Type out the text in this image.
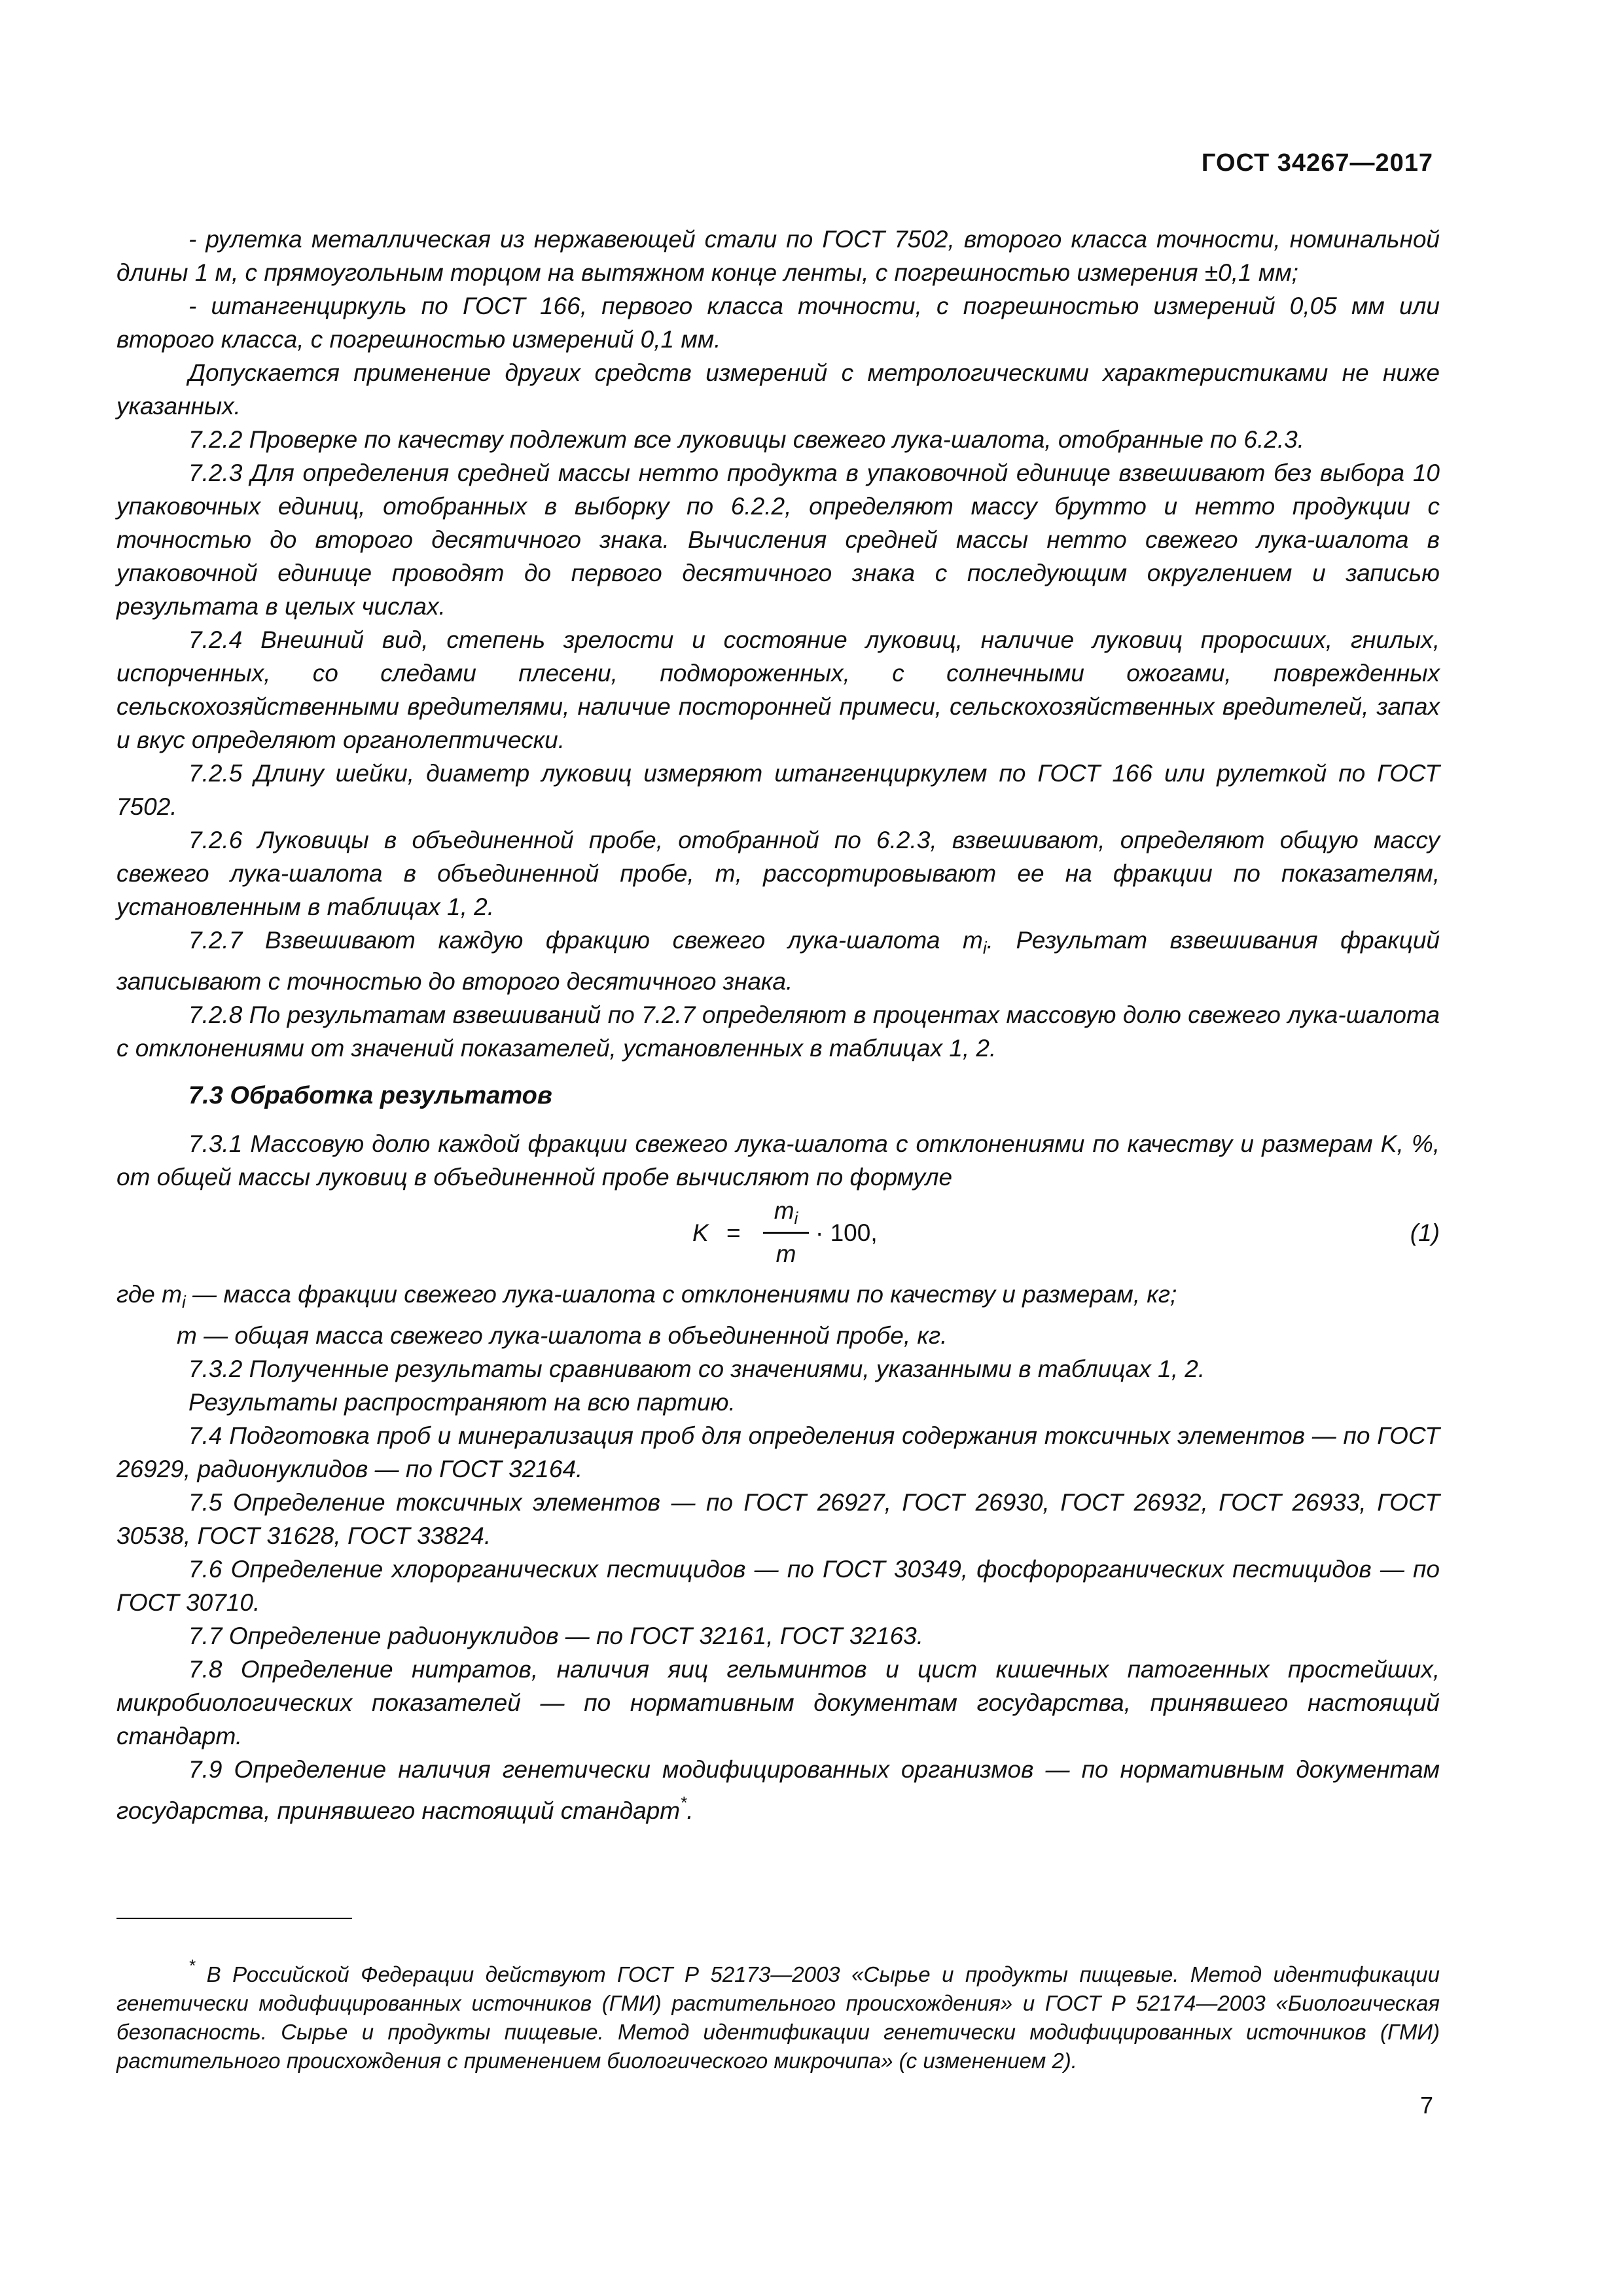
ГОСТ 34267—2017

- рулетка металлическая из нержавеющей стали по ГОСТ 7502, второго класса точности, номинальной длины 1 м, с прямоугольным торцом на вытяжном конце ленты, с погрешностью измерения ±0,1 мм;

- штангенциркуль по ГОСТ 166, первого класса точности, с погрешностью измерений 0,05 мм или второго класса, с погрешностью измерений 0,1 мм.

Допускается применение других средств измерений с метрологическими характеристиками не ниже указанных.

7.2.2 Проверке по качеству подлежит все луковицы свежего лука-шалота, отобранные по 6.2.3.

7.2.3 Для определения средней массы нетто продукта в упаковочной единице взвешивают без выбора 10 упаковочных единиц, отобранных в выборку по 6.2.2, определяют массу брутто и нетто продукции с точностью до второго десятичного знака. Вычисления средней массы нетто свежего лука-шалота в упаковочной единице проводят до первого десятичного знака с последующим округлением и записью результата в целых числах.

7.2.4 Внешний вид, степень зрелости и состояние луковиц, наличие луковиц проросших, гнилых, испорченных, со следами плесени, подмороженных, с солнечными ожогами, поврежденных сельскохозяйственными вредителями, наличие посторонней примеси, сельскохозяйственных вредителей, запах и вкус определяют органолептически.

7.2.5 Длину шейки, диаметр луковиц измеряют штангенциркулем по ГОСТ 166 или рулеткой по ГОСТ 7502.

7.2.6 Луковицы в объединенной пробе, отобранной по 6.2.3, взвешивают, определяют общую массу свежего лука-шалота в объединенной пробе, m, рассортировывают ее на фракции по показателям, установленным в таблицах 1, 2.

7.2.7 Взвешивают каждую фракцию свежего лука-шалота $m_i$. Результат взвешивания фракций записывают с точностью до второго десятичного знака.

7.2.8 По результатам взвешиваний по 7.2.7 определяют в процентах массовую долю свежего лука-шалота с отклонениями от значений показателей, установленных в таблицах 1, 2.

7.3 Обработка результатов

7.3.1 Массовую долю каждой фракции свежего лука-шалота с отклонениями по качеству и размерам K, %, от общей массы луковиц в объединенной пробе вычисляют по формуле

K =
$m_i$
m
· 100,	(1)

где $m_i$ — масса фракции свежего лука-шалота с отклонениями по качеству и размерам, кг;

m — общая масса свежего лука-шалота в объединенной пробе, кг.

7.3.2 Полученные результаты сравнивают со значениями, указанными в таблицах 1, 2.

Результаты распространяют на всю партию.

7.4 Подготовка проб и минерализация проб для определения содержания токсичных элементов — по ГОСТ 26929, радионуклидов — по ГОСТ 32164.

7.5 Определение токсичных элементов — по ГОСТ 26927, ГОСТ 26930, ГОСТ 26932, ГОСТ 26933, ГОСТ 30538, ГОСТ 31628, ГОСТ 33824.

7.6 Определение хлорорганических пестицидов — по ГОСТ 30349, фосфорорганических пестицидов — по ГОСТ 30710.

7.7 Определение радионуклидов — по ГОСТ 32161, ГОСТ 32163.

7.8 Определение нитратов, наличия яиц гельминтов и цист кишечных патогенных простейших, микробиологических показателей — по нормативным документам государства, принявшего настоящий стандарт.

7.9 Определение наличия генетически модифицированных организмов — по нормативным документам государства, принявшего настоящий стандарт*.

* В Российской Федерации действуют ГОСТ Р 52173—2003 «Сырье и продукты пищевые. Метод идентификации генетически модифицированных источников (ГМИ) растительного происхождения» и ГОСТ Р 52174—2003 «Биологическая безопасность. Сырье и продукты пищевые. Метод идентификации генетически модифицированных источников (ГМИ) растительного происхождения с применением биологического микрочипа» (с изменением 2).

7
